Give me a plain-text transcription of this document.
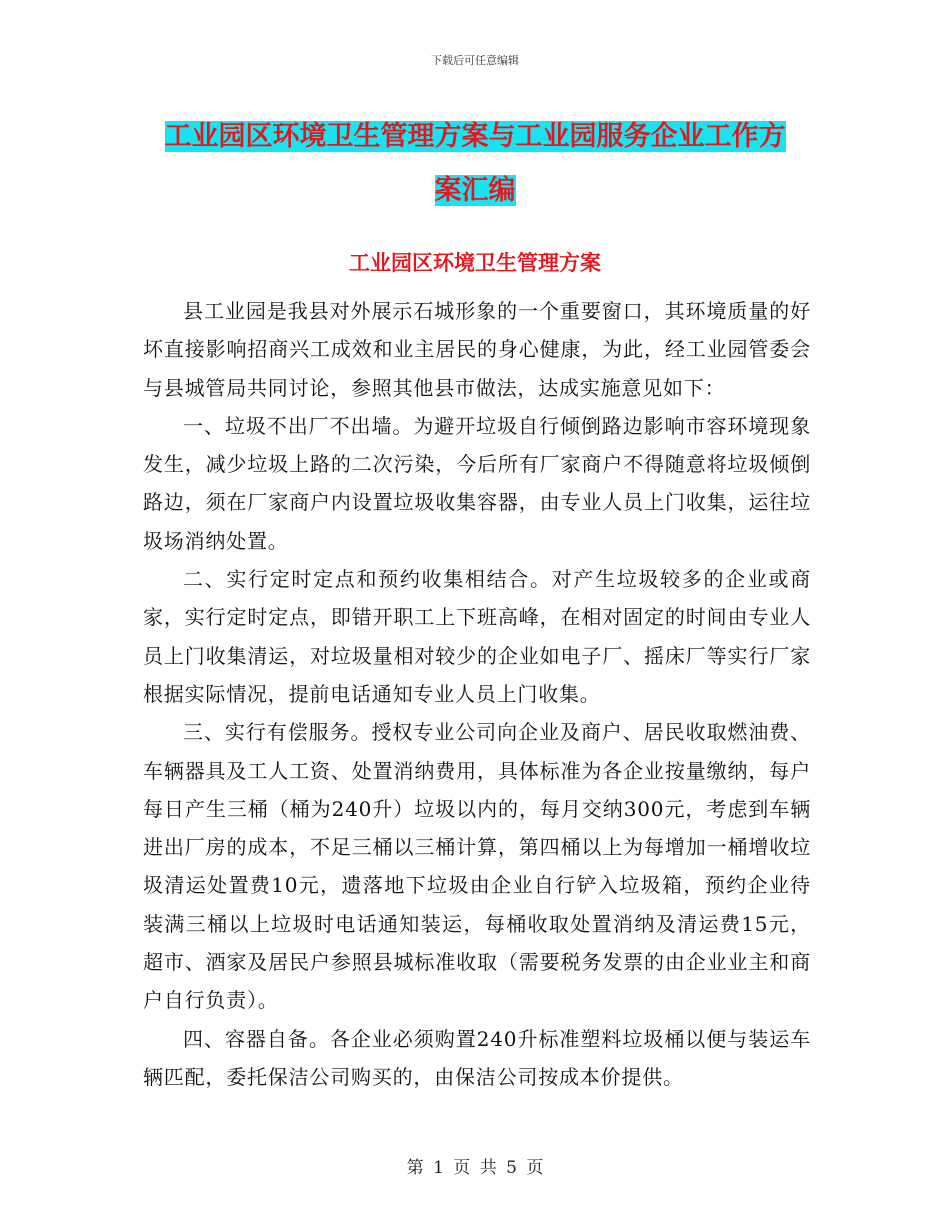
下载后可任意编辑
工业园区环境卫生管理方案与工业园服务企业工作方
案汇编
工业园区环境卫生管理方案

县工业园是我县对外展示石城形象的一个重要窗口，其环境质量的好坏直接影响招商兴工成效和业主居民的身心健康，为此，经工业园管委会与县城管局共同讨论，参照其他县市做法，达成实施意见如下：

一、垃圾不出厂不出墙。为避开垃圾自行倾倒路边影响市容环境现象发生，减少垃圾上路的二次污染，今后所有厂家商户不得随意将垃圾倾倒路边，须在厂家商户内设置垃圾收集容器，由专业人员上门收集，运往垃圾场消纳处置。

二、实行定时定点和预约收集相结合。对产生垃圾较多的企业或商家，实行定时定点，即错开职工上下班高峰，在相对固定的时间由专业人员上门收集清运，对垃圾量相对较少的企业如电子厂、摇床厂等实行厂家根据实际情况，提前电话通知专业人员上门收集。

三、实行有偿服务。授权专业公司向企业及商户、居民收取燃油费、车辆器具及工人工资、处置消纳费用，具体标准为各企业按量缴纳，每户每日产生三桶（桶为240升）垃圾以内的，每月交纳300元，考虑到车辆进出厂房的成本，不足三桶以三桶计算，第四桶以上为每增加一桶增收垃圾清运处置费10元，遗落地下垃圾由企业自行铲入垃圾箱，预约企业待装满三桶以上垃圾时电话通知装运，每桶收取处置消纳及清运费15元，超市、酒家及居民户参照县城标准收取（需要税务发票的由企业业主和商户自行负责）。

四、容器自备。各企业必须购置240升标准塑料垃圾桶以便与装运车辆匹配，委托保洁公司购买的，由保洁公司按成本价提供。

第 1 页 共 5 页
